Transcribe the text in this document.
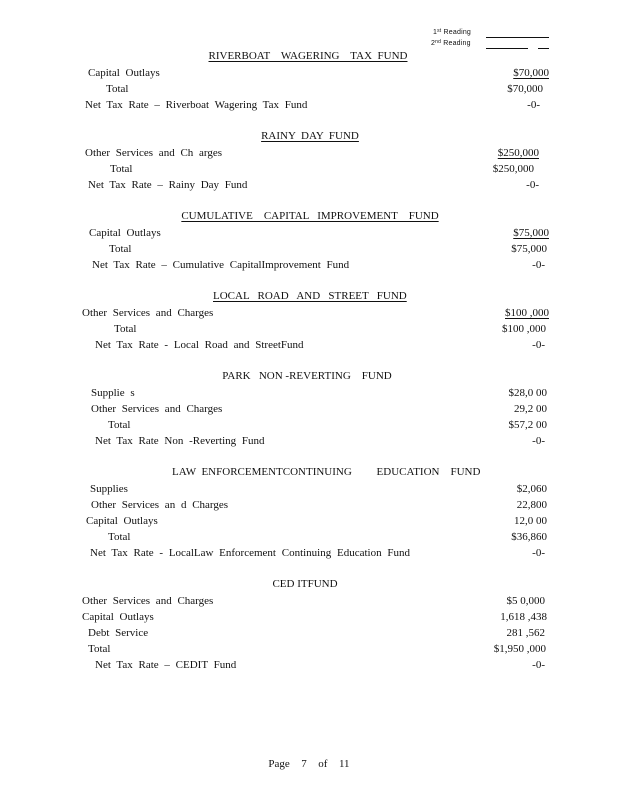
1st Reading
2nd Reading
RIVERBOAT    WAGERING    TAX  FUND
Capital Outlays	$70,000
Total	$70,000
Net Tax Rate – Riverboat Wagering Tax Fund	-0-
RAINY  DAY  FUND
Other Services and Ch arges	$250,000
Total	$250,000
Net Tax Rate – Rainy Day Fund	-0-
CUMULATIVE    CAPITAL   IMPROVEMENT    FUND
Capital Outlays	$75,000
Total	$75,000
Net Tax Rate – Cumulative CapitalImprovement Fund	-0-
LOCAL   ROAD   AND   STREET   FUND
Other Services and Charges	$100 ,000
Total	$100 ,000
Net Tax Rate - Local Road and StreetFund	-0-
PARK   NON -REVERTING    FUND
Supplie s	$28,0 00
Other Services and Charges	29,2 00
Total	$57,2 00
Net Tax Rate Non -Reverting Fund	-0-
LAW  ENFORCEMENTCONTINUING         EDUCATION    FUND
Supplies	$2,060
Other Services an d Charges	22,800
Capital Outlays	12,0 00
Total	$36,860
Net Tax Rate - LocalLaw Enforcement Continuing Education Fund	-0-
CED ITFUND
Other Services and Charges	$5 0,000
Capital Outlays	1,618 ,438
Debt Service	281 ,562
Total	$1,950 ,000
Net Tax Rate – CEDIT Fund	-0-
Page  7  of  11
